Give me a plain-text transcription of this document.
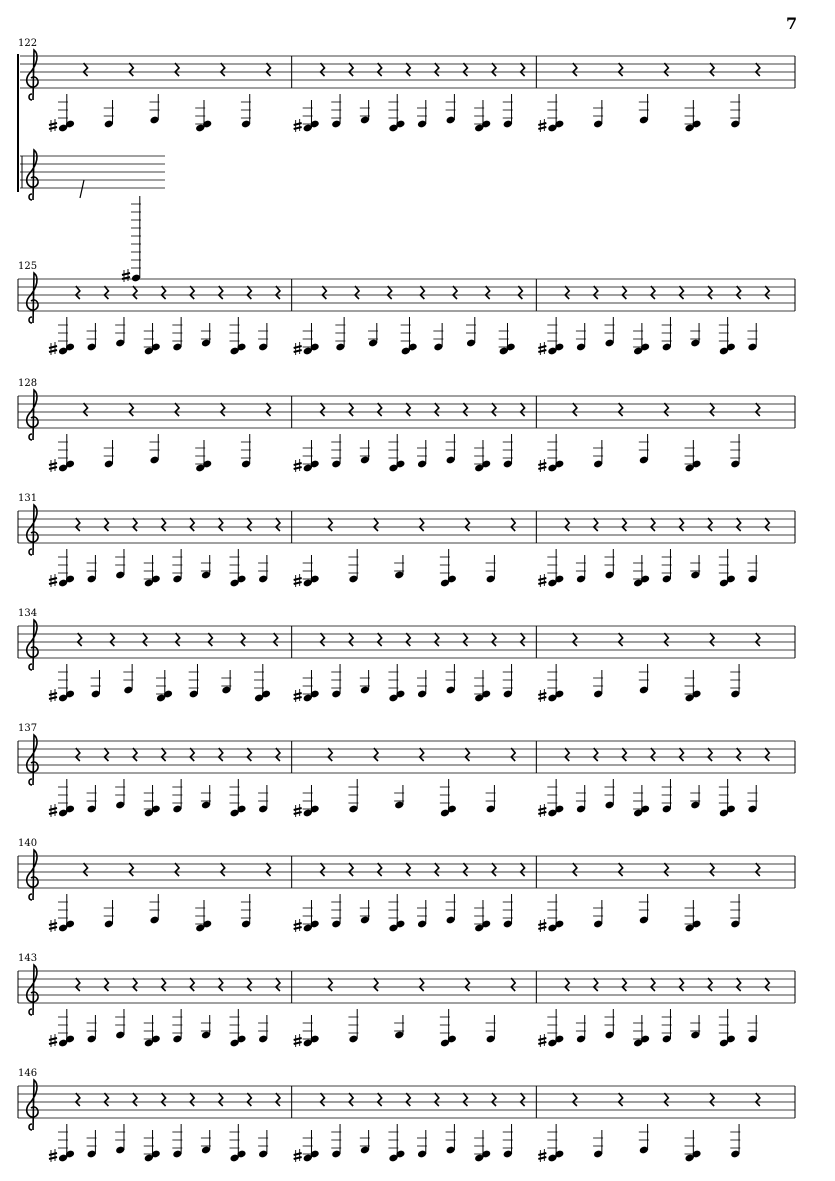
7
122
125
128
131
134
137
140
143
146
